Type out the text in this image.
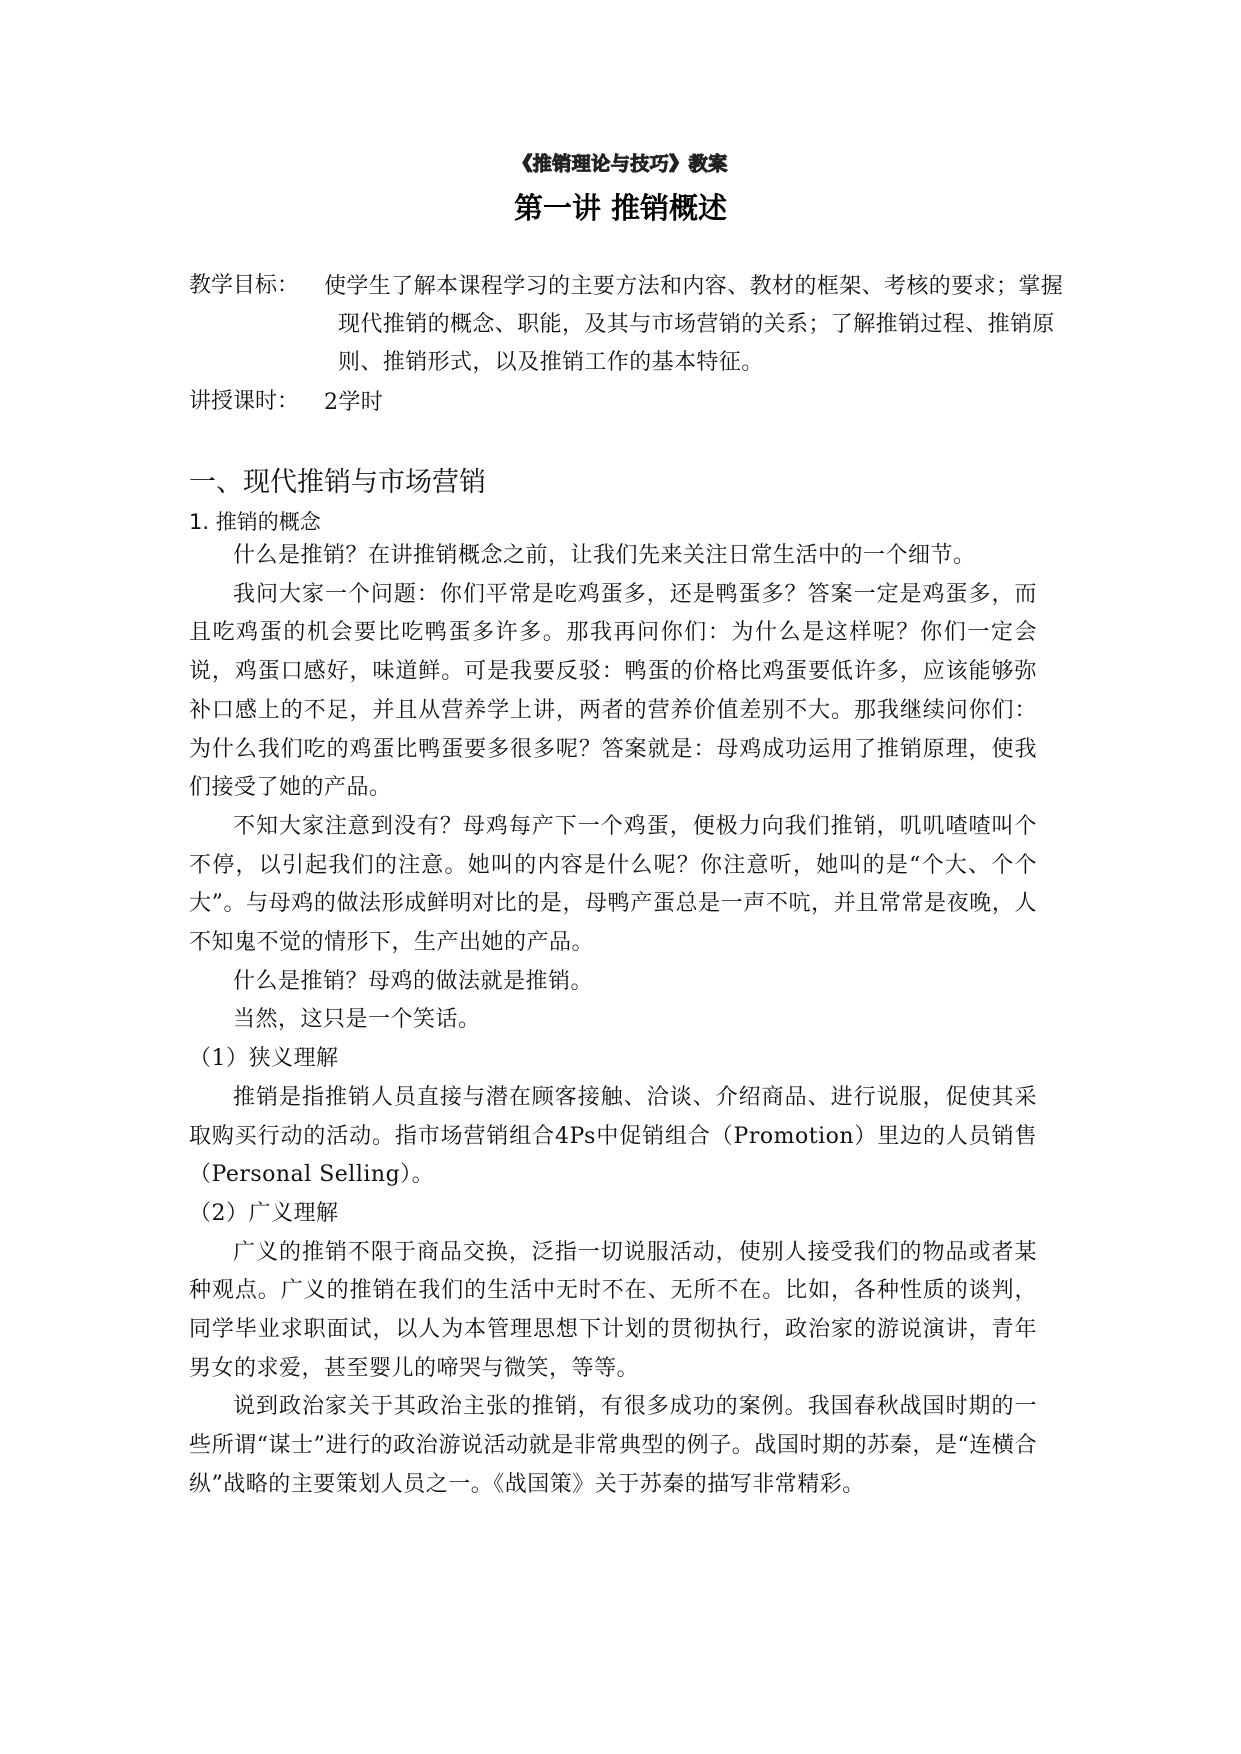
《推销理论与技巧》教案
第一讲 推销概述
教学目标： 使学生了解本课程学习的主要方法和内容、教材的框架、考核的要求；掌握现代推销的概念、职能，及其与市场营销的关系；了解推销过程、推销原则、推销形式，以及推销工作的基本特征。
讲授课时： 2学时
一、现代推销与市场营销
1. 推销的概念

什么是推销？在讲推销概念之前，让我们先来关注日常生活中的一个细节。

我问大家一个问题：你们平常是吃鸡蛋多，还是鸭蛋多？答案一定是鸡蛋多，而且吃鸡蛋的机会要比吃鸭蛋多许多。那我再问你们：为什么是这样呢？你们一定会说，鸡蛋口感好，味道鲜。可是我要反驳：鸭蛋的价格比鸡蛋要低许多，应该能够弥补口感上的不足，并且从营养学上讲，两者的营养价值差别不大。那我继续问你们：为什么我们吃的鸡蛋比鸭蛋要多很多呢？答案就是：母鸡成功运用了推销原理，使我们接受了她的产品。

不知大家注意到没有？母鸡每产下一个鸡蛋，便极力向我们推销，叽叽喳喳叫个不停，以引起我们的注意。她叫的内容是什么呢？你注意听，她叫的是“个大、个个大”。与母鸡的做法形成鲜明对比的是，母鸭产蛋总是一声不吭，并且常常是夜晚，人不知鬼不觉的情形下，生产出她的产品。

什么是推销？母鸡的做法就是推销。

当然，这只是一个笑话。

（1）狭义理解

推销是指推销人员直接与潜在顾客接触、洽谈、介绍商品、进行说服，促使其采取购买行动的活动。指市场营销组合4Ps中促销组合（Promotion）里边的人员销售（Personal Selling）。

（2）广义理解

广义的推销不限于商品交换，泛指一切说服活动，使别人接受我们的物品或者某种观点。广义的推销在我们的生活中无时不在、无所不在。比如，各种性质的谈判，同学毕业求职面试，以人为本管理思想下计划的贯彻执行，政治家的游说演讲，青年男女的求爱，甚至婴儿的啼哭与微笑，等等。

说到政治家关于其政治主张的推销，有很多成功的案例。我国春秋战国时期的一些所谓“谋士”进行的政治游说活动就是非常典型的例子。战国时期的苏秦，是“连横合纵”战略的主要策划人员之一。《战国策》关于苏秦的描写非常精彩。
